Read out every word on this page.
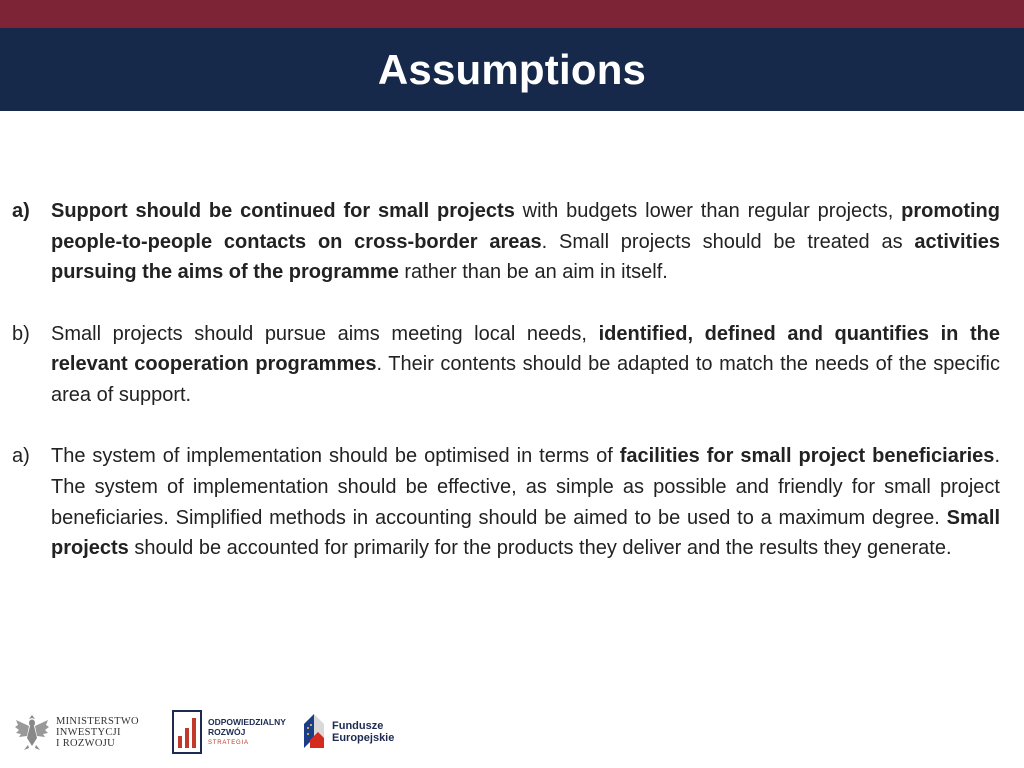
Assumptions
a)	Support should be continued for small projects with budgets lower than regular projects, promoting people-to-people contacts on cross-border areas. Small projects should be treated as activities pursuing the aims of the programme rather than be an aim in itself.
b)	Small projects should pursue aims meeting local needs, identified, defined and quantifies in the relevant cooperation programmes. Their contents should be adapted to match the needs of the specific area of support.
a)	The system of implementation should be optimised in terms of facilities for small project beneficiaries. The system of implementation should be effective, as simple as possible and friendly for small project beneficiaries. Simplified methods in accounting should be aimed to be used to a maximum degree. Small projects should be accounted for primarily for the products they deliver and the results they generate.
MINISTERSTWO
INWESTYCJI
I ROZWOJU
ODPOWIEDZIALNY
ROZWÓJ
STRATEGIA
Fundusze
Europejskie
